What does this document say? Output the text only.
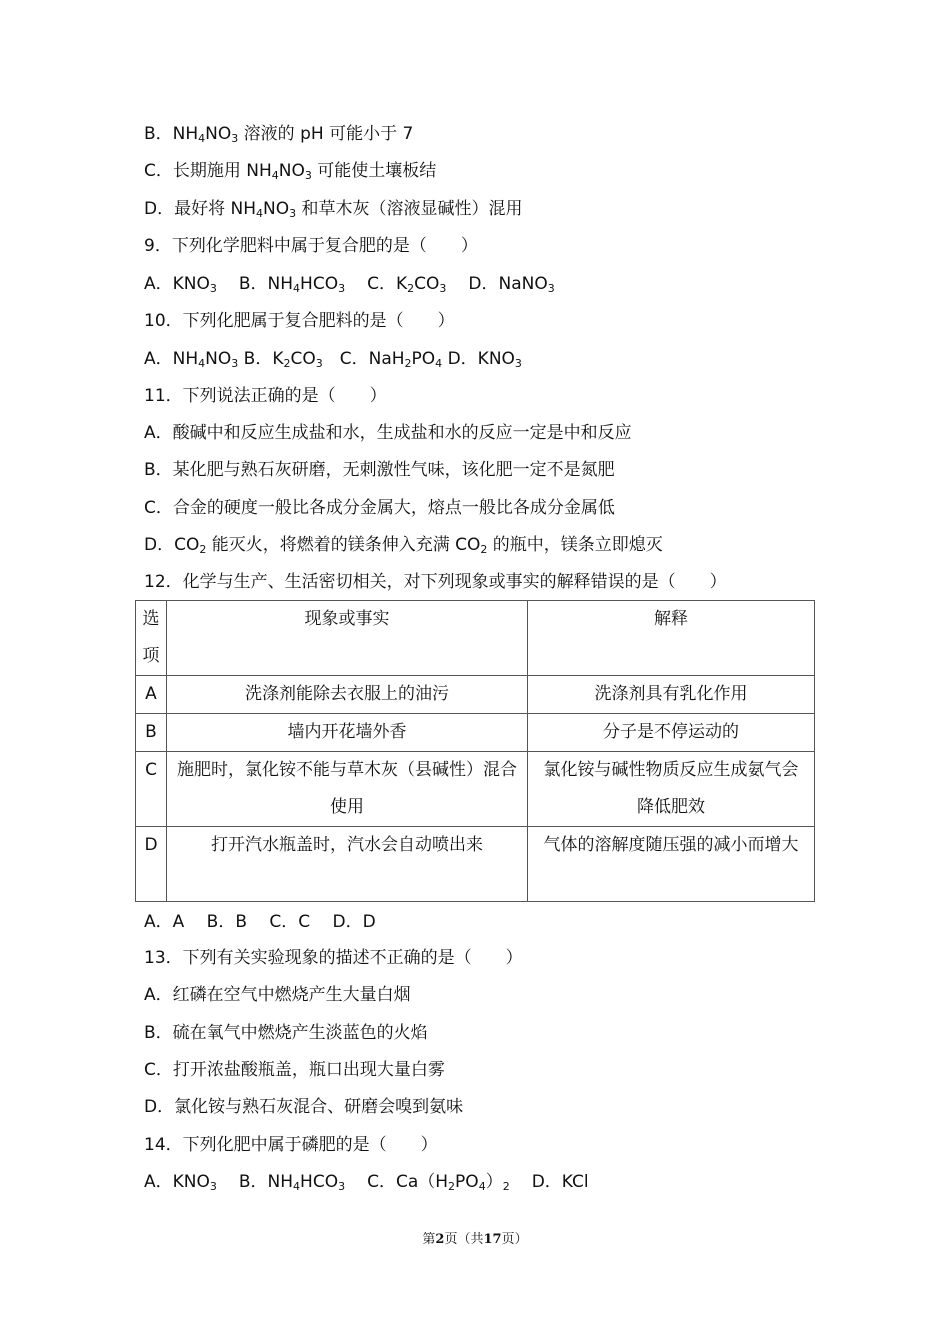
B．$NH_4NO_3$ 溶液的 pH 可能小于 7
C．长期施用 $NH_4NO_3$ 可能使土壤板结
D．最好将 $NH_4NO_3$ 和草木灰（溶液显碱性）混用
9．下列化学肥料中属于复合肥的是（　　）
A．$KNO_3$ B．$NH_4HCO_3$ C．$K_2CO_3$ D．NaNO$_3$
10．下列化肥属于复合肥料的是（　　）
A．$NH_4NO_3$ B．$K_2CO_3$　C．$NaH_2PO_4$ D．$KNO_3$
11．下列说法正确的是（　　）
A．酸碱中和反应生成盐和水，生成盐和水的反应一定是中和反应
B．某化肥与熟石灰研磨，无刺激性气味，该化肥一定不是氮肥
C．合金的硬度一般比各成分金属大，熔点一般比各成分金属低
D．$CO_2$ 能灭火，将燃着的镁条伸入充满 $CO_2$ 的瓶中，镁条立即熄灭
12．化学与生产、生活密切相关，对下列现象或事实的解释错误的是（　　）
选项	现象或事实	解释
A	洗涤剂能除去衣服上的油污	洗涤剂具有乳化作用
B	墙内开花墙外香	分子是不停运动的
C	施肥时，氯化铵不能与草木灰（县碱性）混合使用	氯化铵与碱性物质反应生成氨气会降低肥效
D	打开汽水瓶盖时，汽水会自动喷出来	气体的溶解度随压强的减小而增大
A．A　 B．B　 C．C　 D．D
13．下列有关实验现象的描述不正确的是（　　）
A．红磷在空气中燃烧产生大量白烟
B．硫在氧气中燃烧产生淡蓝色的火焰
C．打开浓盐酸瓶盖，瓶口出现大量白雾
D．氯化铵与熟石灰混合、研磨会嗅到氨味
14．下列化肥中属于磷肥的是（　　）
A．$KNO_3$ B．$NH_4HCO_3$ C．$Ca(H_2PO_4)_2$ D．KCl
第2页（共17页）
